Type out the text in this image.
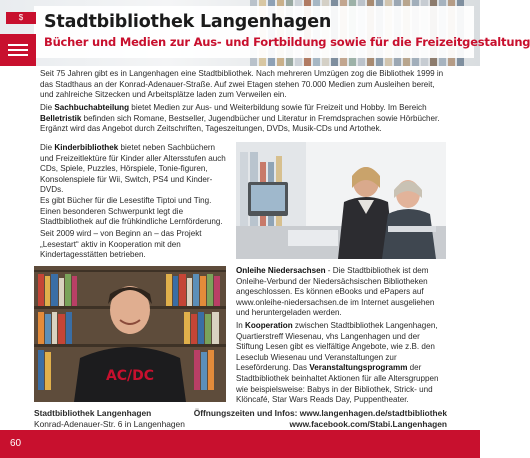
$	Stadtbibliothek Langenhagen
Bücher und Medien zur Aus- und Fortbildung sowie für die Freizeitgestaltung

Seit 75 Jahren gibt es in Langenhagen eine Stadtbibliothek. Nach mehreren Umzügen zog die Bibliothek 1999 in das Stadthaus an der Konrad-Adenauer-Straße. Auf zwei Etagen stehen 70.000 Medien zum Ausleihen bereit, und zahlreiche Sitzecken und Arbeitsplätze laden zum Verweilen ein.

Die Sachbuchabteilung bietet Medien zur Aus- und Weiterbildung sowie für Freizeit und Hobby. Im Bereich Belletristik befinden sich Romane, Bestseller, Jugendbücher und Literatur in Fremdsprachen sowie Hörbücher. Ergänzt wird das Angebot durch Zeitschriften, Tageszeitungen, DVDs, Musik-CDs und Artothek.

Die Kinderbibliothek bietet neben Sachbüchern und Freizeitlektüre für Kinder aller Altersstufen auch CDs, Spiele, Puzzles, Hörspiele, Tonie-figuren, Konsolenspiele für Wii, Switch, PS4 und Kinder-DVDs.

Es gibt Bücher für die Lesestifte Tiptoi und Ting. Einen besonderen Schwerpunkt legt die Stadtbibliothek auf die frühkindliche Lernförderung.

Seit 2009 wird – von Beginn an – das Projekt „Lesestart“ aktiv in Kooperation mit den Kindertagesstätten betrieben.

AC/DC

Onleihe Niedersachsen - Die Stadtbibliothek ist dem Onleihe-Verbund der Niedersächsischen Bibliotheken angeschlossen. Es können eBooks und ePapers auf www.onleihe-niedersachsen.de im Internet ausgeliehen und heruntergeladen werden.

In Kooperation zwischen Stadtbibliothek Langenhagen, Quartierstreff Wiesenau, vhs Langenhagen und der Stiftung Lesen gibt es vielfältige Angebote, wie z.B. den Leseclub Wiesenau und Veranstaltungen zur Leseförderung. Das Veranstaltungsprogramm der Stadtbibliothek beinhaltet Aktionen für alle Altersgruppen wie beispielsweise: Babys in der Bibliothek, Strick- und Klöncafé, Star Wars Reads Day, Puppentheater.

Stadtbibliothek Langenhagen
Konrad-Adenauer-Str. 6 in Langenhagen
Öffnungszeiten und Infos: www.langenhagen.de/stadtbibliothek
www.facebook.com/Stabi.Langenhagen
60
